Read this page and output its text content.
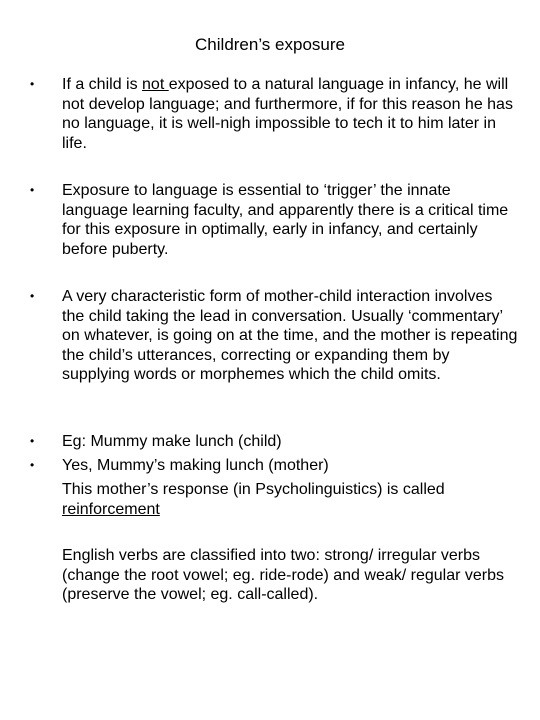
Children’s exposure
•	If a child is not exposed to a natural language in infancy, he will not develop language; and furthermore, if for this reason he has no language, it is well-nigh impossible to tech it to him later in life.
•	Exposure to language is essential to ‘trigger’ the innate language learning faculty, and apparently there is a critical time for this exposure in optimally, early in infancy, and certainly before puberty.
•	A very characteristic form of mother-child interaction involves the child taking the lead in conversation. Usually ‘commentary’ on whatever, is going on at the time, and the mother is repeating the child’s utterances, correcting or expanding them by supplying words or morphemes which the child omits.
•	Eg: Mummy make lunch (child)
•	Yes, Mummy’s making lunch (mother)
This mother’s response (in Psycholinguistics) is called reinforcement
English verbs are classified into two: strong/ irregular verbs (change the root vowel; eg. ride-rode) and weak/ regular verbs (preserve the vowel; eg. call-called).
